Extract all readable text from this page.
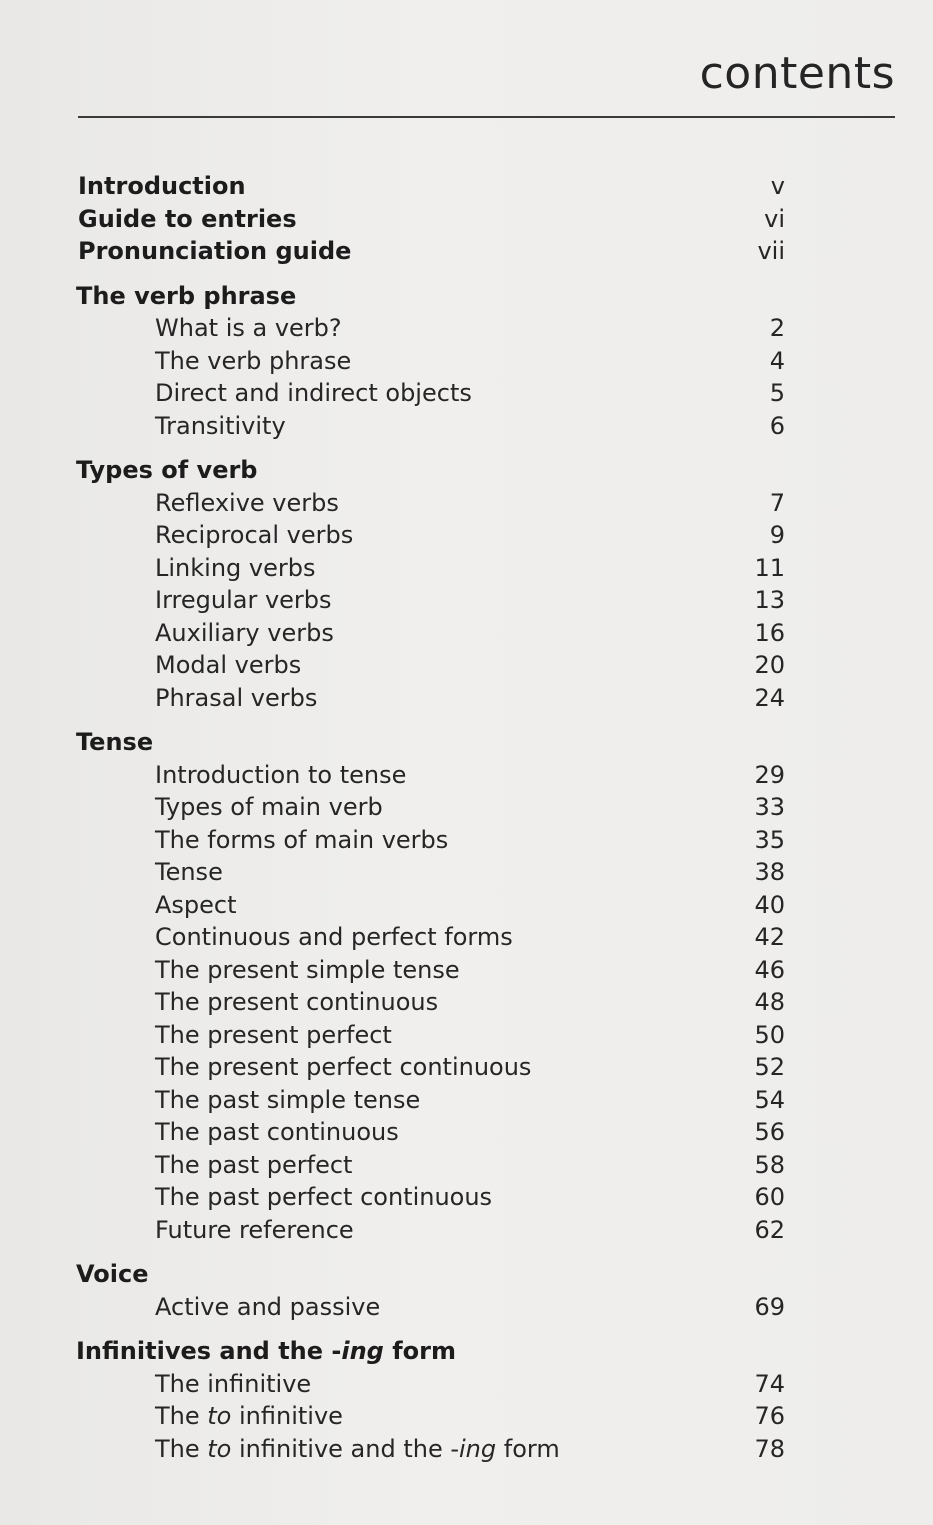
contents
Introduction	v
Guide to entries	vi
Pronunciation guide	vii
The verb phrase
What is a verb?	2
The verb phrase	4
Direct and indirect objects	5
Transitivity	6
Types of verb
Reflexive verbs	7
Reciprocal verbs	9
Linking verbs	11
Irregular verbs	13
Auxiliary verbs	16
Modal verbs	20
Phrasal verbs	24
Tense
Introduction to tense	29
Types of main verb	33
The forms of main verbs	35
Tense	38
Aspect	40
Continuous and perfect forms	42
The present simple tense	46
The present continuous	48
The present perfect	50
The present perfect continuous	52
The past simple tense	54
The past continuous	56
The past perfect	58
The past perfect continuous	60
Future reference	62
Voice
Active and passive	69
Infinitives and the -ing form
The infinitive	74
The to infinitive	76
The to infinitive and the -ing form	78
